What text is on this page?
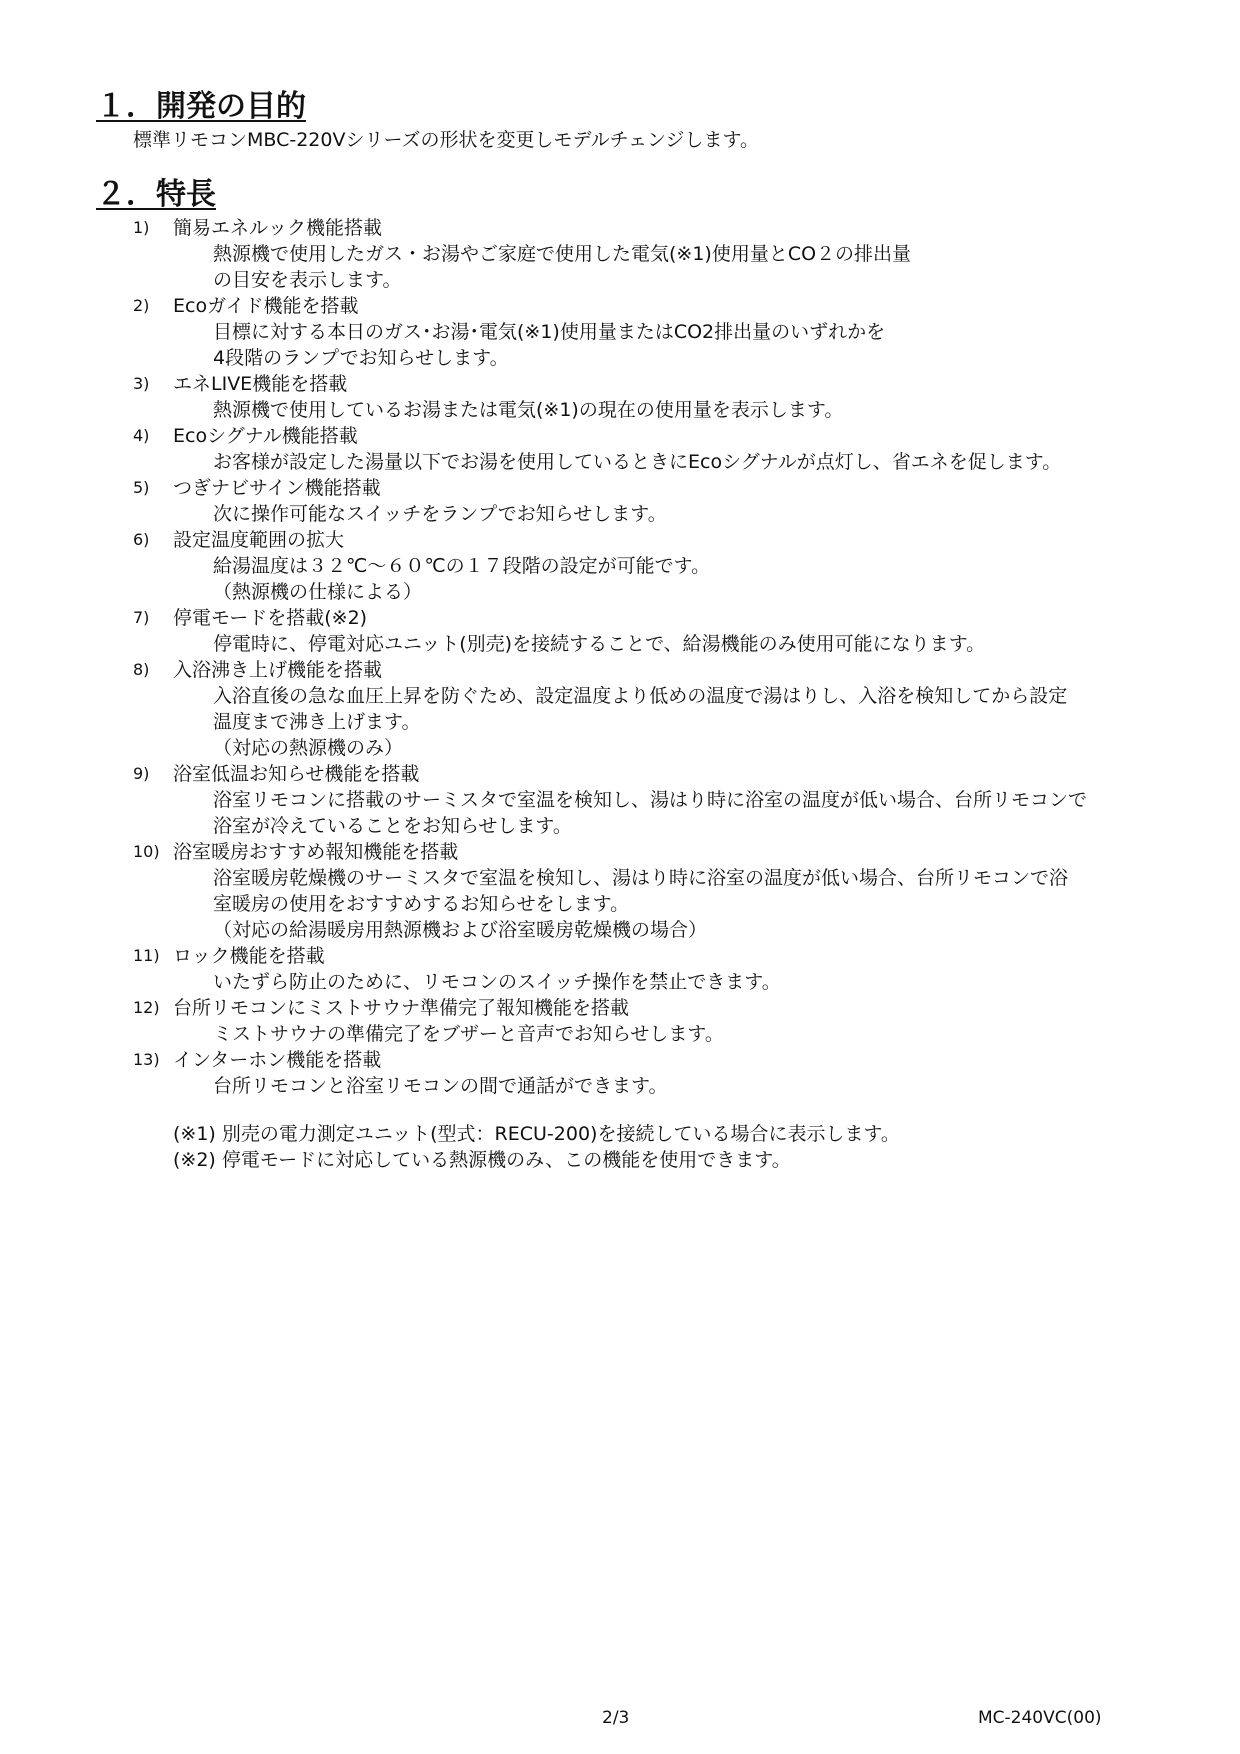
１．開発の目的
標準リモコンMBC-220Vシリーズの形状を変更しモデルチェンジします。
２．特長
1)	簡易エネルック機能搭載
熱源機で使用したガス・お湯やご家庭で使用した電気(※1)使用量とCO２の排出量
の目安を表示します。
2)	Ecoガイド機能を搭載
目標に対する本日のガス･お湯･電気(※1)使用量またはCO2排出量のいずれかを
4段階のランプでお知らせします。
3)	エネLIVE機能を搭載
熱源機で使用しているお湯または電気(※1)の現在の使用量を表示します。
4)	Ecoシグナル機能搭載
お客様が設定した湯量以下でお湯を使用しているときにEcoシグナルが点灯し、省エネを促します。
5)	つぎナビサイン機能搭載
次に操作可能なスイッチをランプでお知らせします。
6)	設定温度範囲の拡大
給湯温度は３２℃～６０℃の１７段階の設定が可能です。
（熱源機の仕様による）
7)	停電モードを搭載(※2)
停電時に、停電対応ユニット(別売)を接続することで、給湯機能のみ使用可能になります。
8)	入浴沸き上げ機能を搭載
入浴直後の急な血圧上昇を防ぐため、設定温度より低めの温度で湯はりし、入浴を検知してから設定
温度まで沸き上げます。
（対応の熱源機のみ）
9)	浴室低温お知らせ機能を搭載
浴室リモコンに搭載のサーミスタで室温を検知し、湯はり時に浴室の温度が低い場合、台所リモコンで
浴室が冷えていることをお知らせします。
10) 浴室暖房おすすめ報知機能を搭載
浴室暖房乾燥機のサーミスタで室温を検知し、湯はり時に浴室の温度が低い場合、台所リモコンで浴
室暖房の使用をおすすめするお知らせをします。
（対応の給湯暖房用熱源機および浴室暖房乾燥機の場合）
11) ロック機能を搭載
いたずら防止のために、リモコンのスイッチ操作を禁止できます。
12) 台所リモコンにミストサウナ準備完了報知機能を搭載
ミストサウナの準備完了をブザーと音声でお知らせします。
13) インターホン機能を搭載
台所リモコンと浴室リモコンの間で通話ができます。
(※1) 別売の電力測定ユニット(型式：RECU-200)を接続している場合に表示します。
(※2) 停電モードに対応している熱源機のみ、この機能を使用できます。
2/3	MC-240VC(00)
